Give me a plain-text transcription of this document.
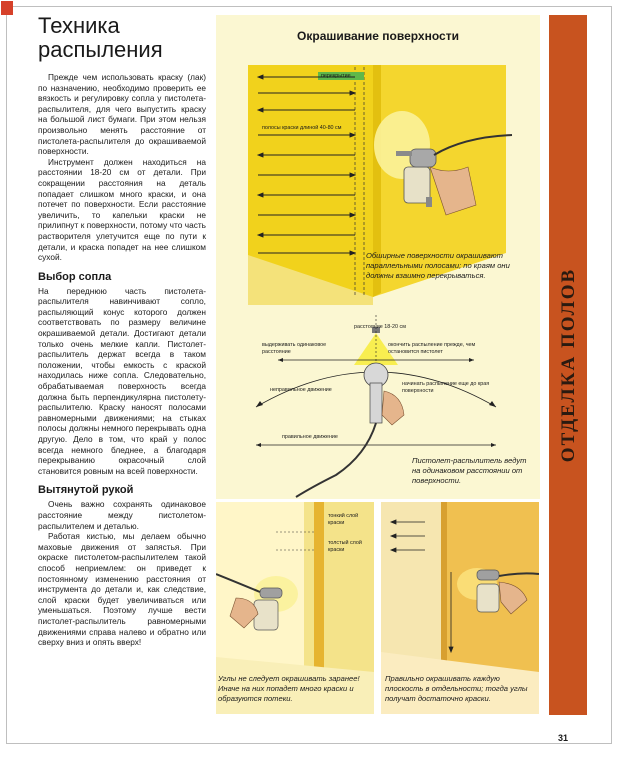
Техника
распыления

Прежде чем использовать краску (лак) по назначению, необходимо проверить ее вязкость и регулировку сопла у пистолета-распылителя, для чего выпустить краску на большой лист бумаги. При этом нельзя произвольно менять расстояние от пистолета-распылителя до окрашиваемой поверхности.

Инструмент должен находиться на расстоянии 18-20 см от детали. При сокращении расстояния на деталь попадает слишком много краски, и она потечет по поверхности. Если расстояние увеличить, то капельки краски не прилипнут к поверхности, потому что часть растворителя улетучится еще по пути к детали, и краска попадет на нее слишком сухой.

Выбор сопла

На переднюю часть пистолета-распылителя навинчивают сопло, распыляющий конус которого должен соответствовать по размеру величине окрашиваемой детали. Достигают детали только очень мелкие капли. Пистолет-распылитель держат всегда в таком положении, чтобы емкость с краской находилась ниже сопла. Следовательно, обрабатываемая поверхность всегда должна быть перпендикулярна пистолету-распылителю. Краску наносят полосами равномерными движениями; на стыках полосы должны немного перекрывать одна другую. Дело в том, что край у полос всегда немного бледнее, а благодаря перекрыванию окрасочный слой становится ровным на всей поверхности.

Вытянутой рукой

Очень важно сохранять одинаковое расстояние между пистолетом-распылителем и деталью.

Работая кистью, мы делаем обычно маховые движения от запястья. При окраске пистолетом-распылителем такой способ неприемлем: он приведет к постоянному изменению расстояния от инструмента до детали и, как следствие, слой краски будет увеличиваться или уменьшаться. Поэтому лучше вести пистолет-распылитель равномерными движениями справа налево и обратно или сверху вниз и опять вверх!

Окрашивание поверхности
перекрытие
полосы краски длиной 40-80 см
Обширные поверхности окрашивают параллельными полосами; по краям они должны взаимно перекрываться.
расстояние 18-20 см
выдерживать одинаковое расстояние
окончить распыление прежде, чем остановится пистолет
неправильное движение
начинать распыление еще до края поверхности
правильное движение
Пистолет-распылитель ведут на одинаковом расстоянии от поверхности.
ОТДЕЛКА ПОЛОВ
тонкий слой краски
толстый слой краски
Углы не следует окрашивать заранее! Иначе на них попадет много краски и образуются потеки.
Правильно окрашивать каждую плоскость в отдельности; тогда углы получат достаточно краски.
31
